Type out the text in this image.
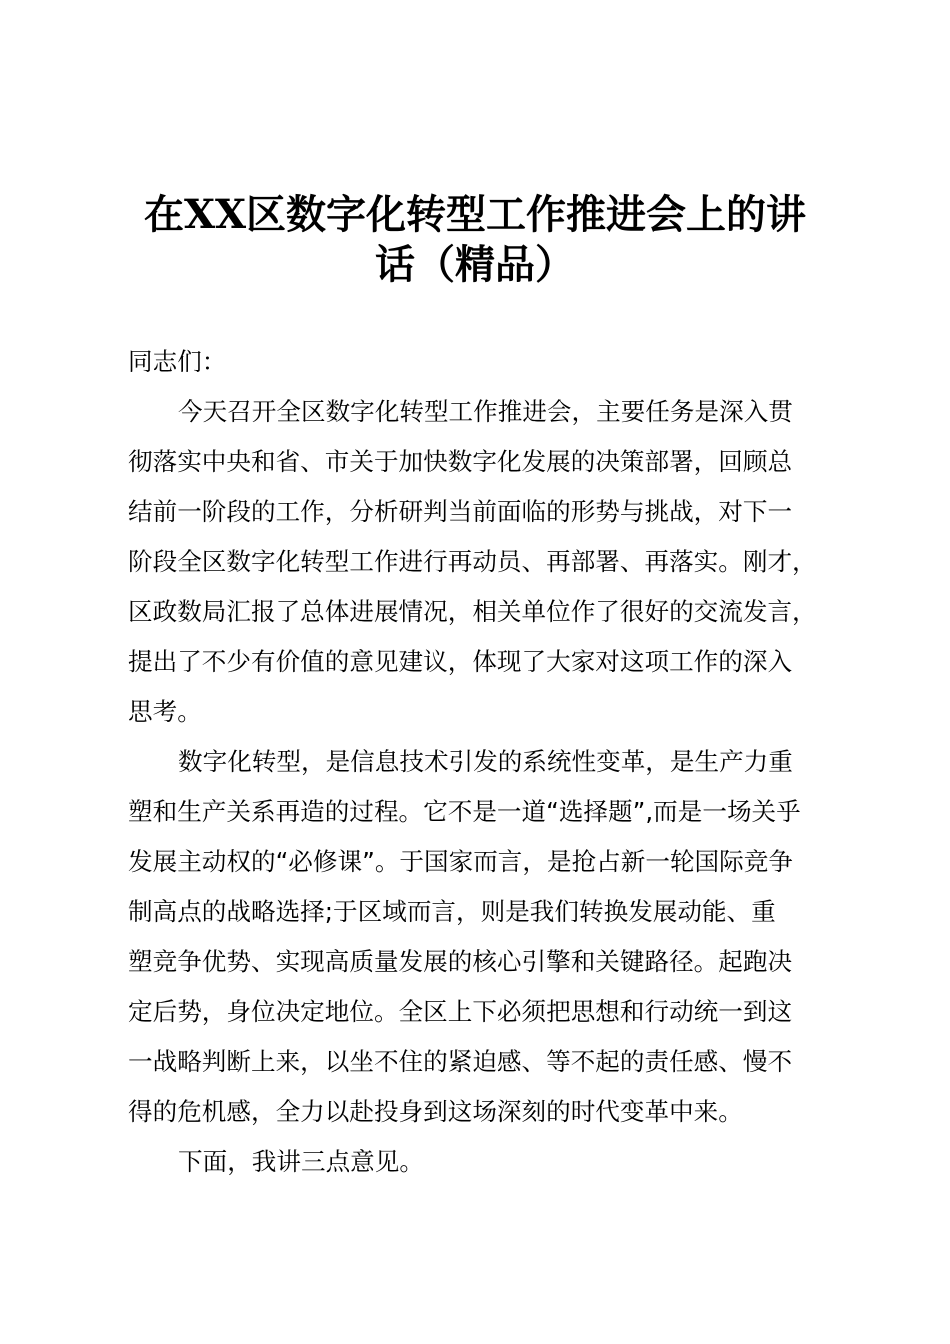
在XX区数字化转型工作推进会上的讲
话（精品）
同志们：
今天召开全区数字化转型工作推进会，主要任务是深入贯
彻落实中央和省、市关于加快数字化发展的决策部署，回顾总
结前一阶段的工作，分析研判当前面临的形势与挑战，对下一
阶段全区数字化转型工作进行再动员、再部署、再落实。刚才，
区政数局汇报了总体进展情况，相关单位作了很好的交流发言，
提出了不少有价值的意见建议，体现了大家对这项工作的深入
思考。
数字化转型，是信息技术引发的系统性变革，是生产力重
塑和生产关系再造的过程。它不是一道“选择题”,而是一场关乎
发展主动权的“必修课”。于国家而言，是抢占新一轮国际竞争
制高点的战略选择;于区域而言，则是我们转换发展动能、重
塑竞争优势、实现高质量发展的核心引擎和关键路径。起跑决
定后势，身位决定地位。全区上下必须把思想和行动统一到这
一战略判断上来，以坐不住的紧迫感、等不起的责任感、慢不
得的危机感，全力以赴投身到这场深刻的时代变革中来。
下面，我讲三点意见。
